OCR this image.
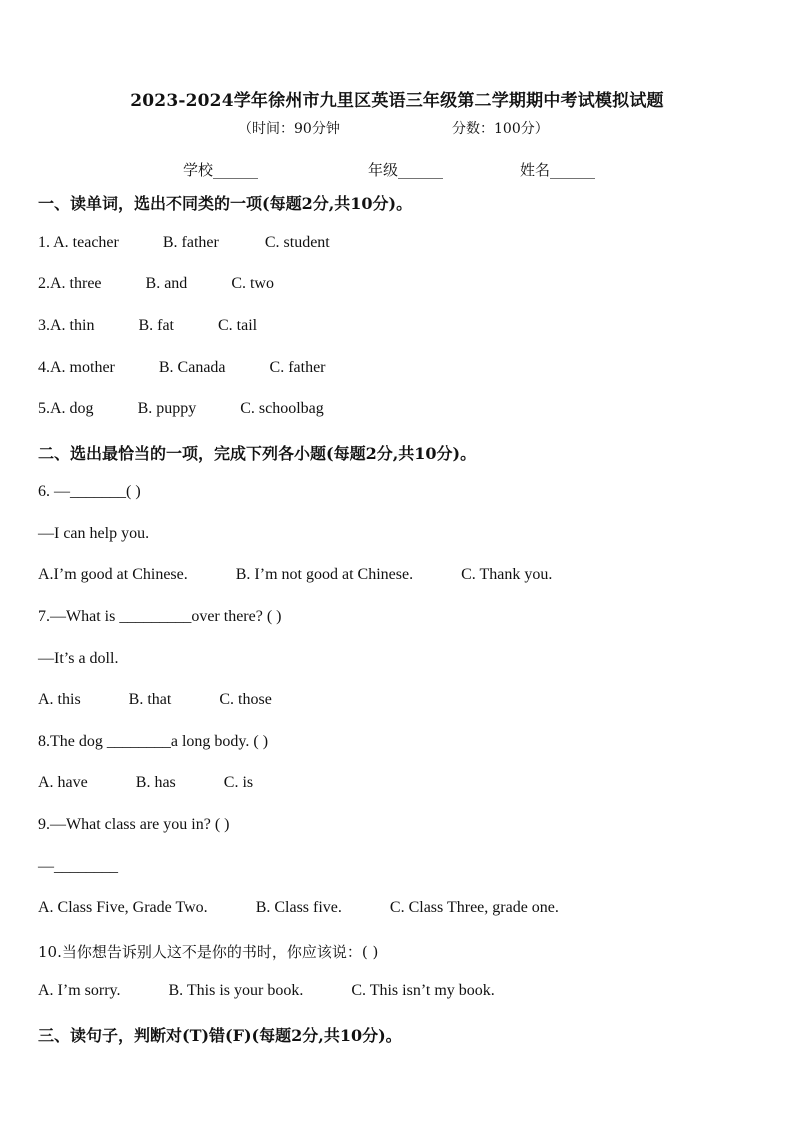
2023-2024学年徐州市九里区英语三年级第二学期期中考试模拟试题
（时间：90分钟	分数：100分）
学校______	年级______	姓名______
一、读单词，选出不同类的一项(每题2分,共10分)。
1. A. teacher	B. father	C. student
2.A. three	B. and	C. two
3.A. thin	B. fat	C. tail
4.A. mother	B. Canada	C. father
5.A. dog	B. puppy	C. schoolbag
二、选出最恰当的一项，完成下列各小题(每题2分,共10分)。
6. —_______( )
—I can help you.
A.I’m good at Chinese.	B. I’m not good at Chinese.	C. Thank you.
7.—What is _________over there? ( )
—It’s a doll.
A. this	B. that	C. those
8.The dog ________a long body. ( )
A. have	B. has	C. is
9.—What class are you in? ( )
—________
A. Class Five, Grade Two.	B. Class five.	C. Class Three, grade one.
10.当你想告诉别人这不是你的书时，你应该说：( )
A. I’m sorry.	B. This is your book.	C. This isn’t my book.
三、读句子，判断对(T)错(F)(每题2分,共10分)。
